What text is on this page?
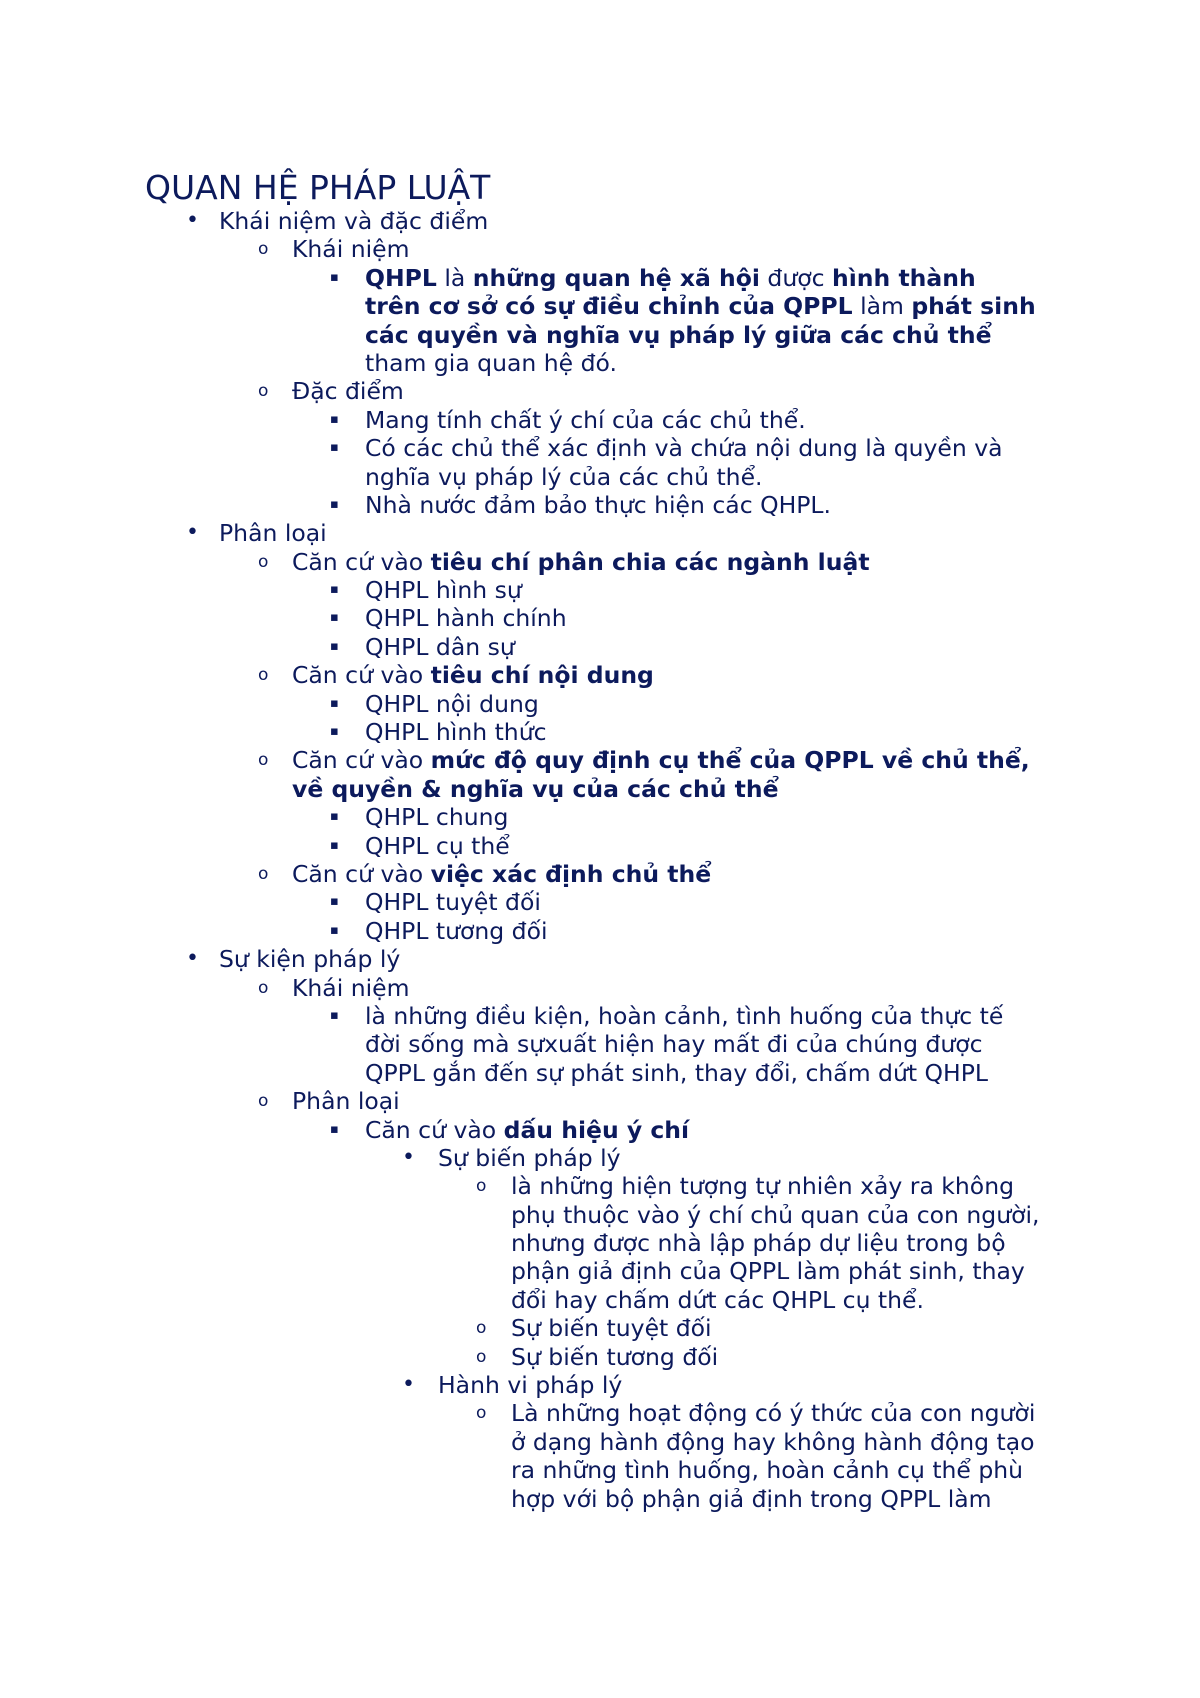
QUAN HỆ PHÁP LUẬT
• Khái niệm và đặc điểm
o Khái niệm
▪ QHPL là những quan hệ xã hội được hình thành
trên cơ sở có sự điều chỉnh của QPPL làm phát sinh
các quyền và nghĩa vụ pháp lý giữa các chủ thể
tham gia quan hệ đó.
o Đặc điểm
▪ Mang tính chất ý chí của các chủ thể.
▪ Có các chủ thể xác định và chứa nội dung là quyền và
nghĩa vụ pháp lý của các chủ thể.
▪ Nhà nước đảm bảo thực hiện các QHPL.
• Phân loại
o Căn cứ vào tiêu chí phân chia các ngành luật
▪ QHPL hình sự
▪ QHPL hành chính
▪ QHPL dân sự
o Căn cứ vào tiêu chí nội dung
▪ QHPL nội dung
▪ QHPL hình thức
o Căn cứ vào mức độ quy định cụ thể của QPPL về chủ thể,
về quyền & nghĩa vụ của các chủ thể
▪ QHPL chung
▪ QHPL cụ thể
o Căn cứ vào việc xác định chủ thể
▪ QHPL tuyệt đối
▪ QHPL tương đối
• Sự kiện pháp lý
o Khái niệm
▪ là những điều kiện, hoàn cảnh, tình huống của thực tế
đời sống mà sựxuất hiện hay mất đi của chúng được
QPPL gắn đến sự phát sinh, thay đổi, chấm dứt QHPL
o Phân loại
▪ Căn cứ vào dấu hiệu ý chí
• Sự biến pháp lý
o là những hiện tượng tự nhiên xảy ra không
phụ thuộc vào ý chí chủ quan của con người,
nhưng được nhà lập pháp dự liệu trong bộ
phận giả định của QPPL làm phát sinh, thay
đổi hay chấm dứt các QHPL cụ thể.
o Sự biến tuyệt đối
o Sự biến tương đối
• Hành vi pháp lý
o Là những hoạt động có ý thức của con người
ở dạng hành động hay không hành động tạo
ra những tình huống, hoàn cảnh cụ thể phù
hợp với bộ phận giả định trong QPPL làm
